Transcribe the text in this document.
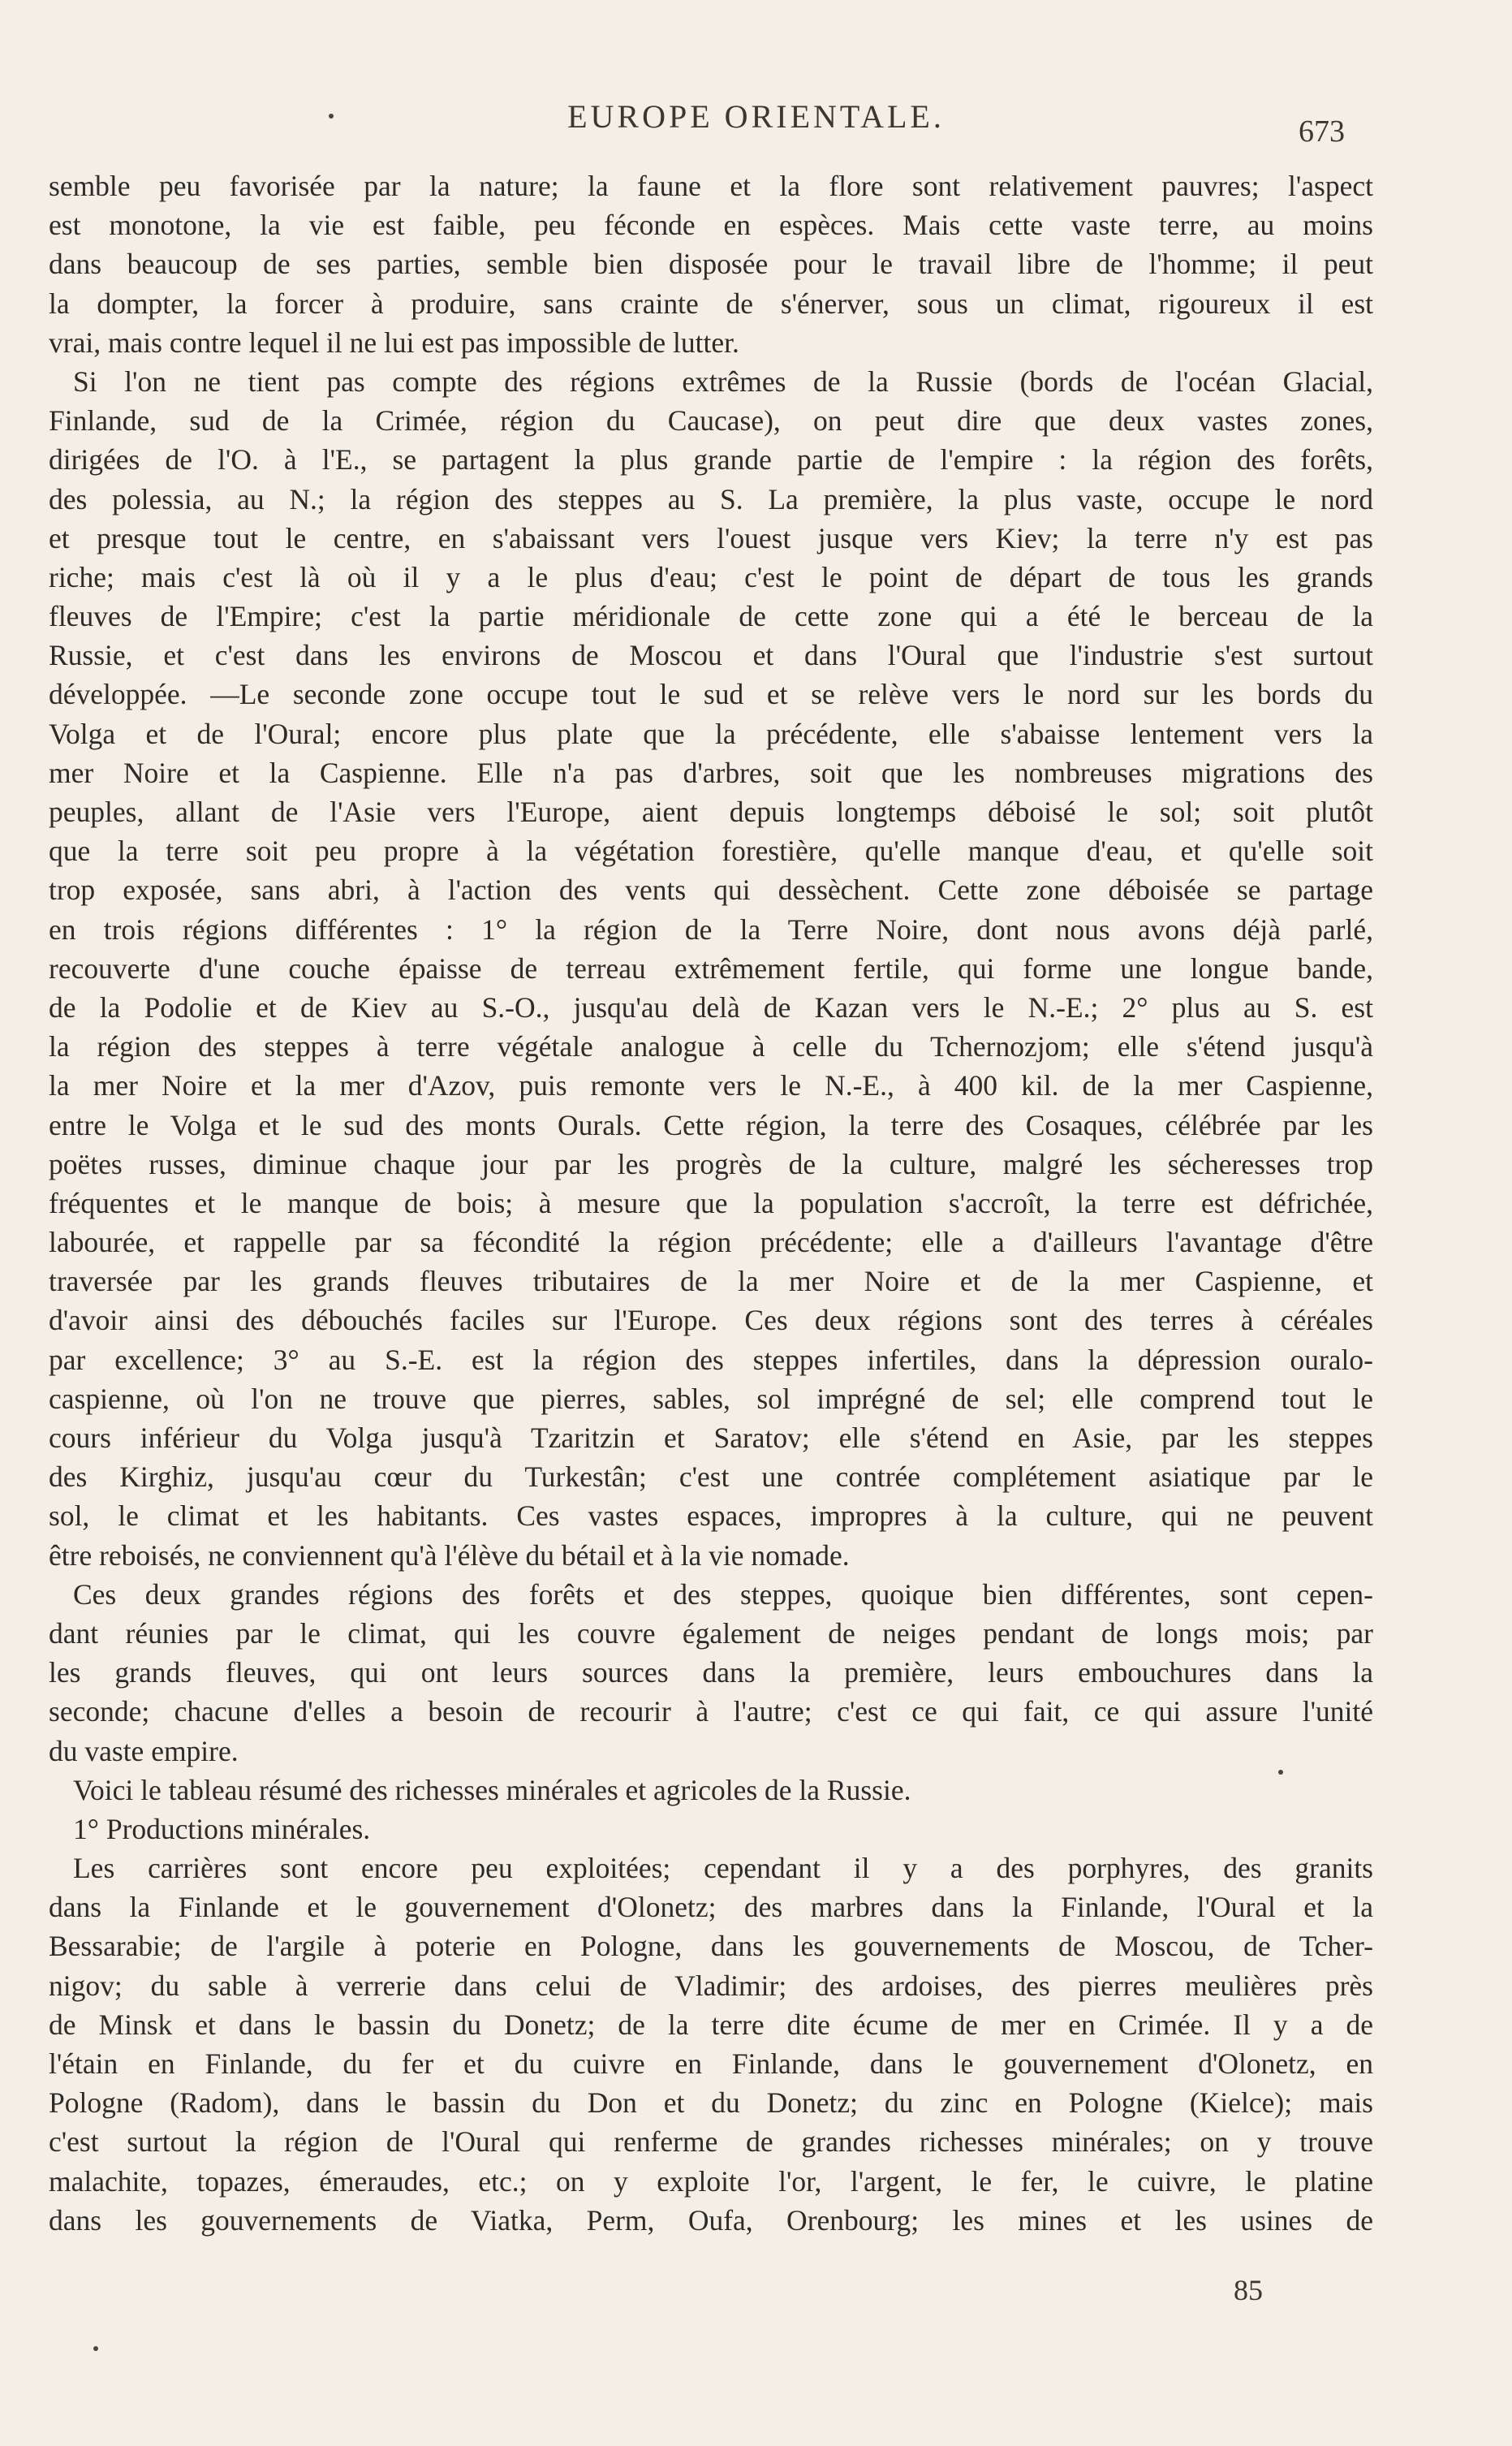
EUROPE ORIENTALE.	673
semble peu favorisée par la nature; la faune et la flore sont relativement pauvres; l'aspect
est monotone, la vie est faible, peu féconde en espèces. Mais cette vaste terre, au moins
dans beaucoup de ses parties, semble bien disposée pour le travail libre de l'homme; il peut
la dompter, la forcer à produire, sans crainte de s'énerver, sous un climat, rigoureux il est
vrai, mais contre lequel il ne lui est pas impossible de lutter.
Si l'on ne tient pas compte des régions extrêmes de la Russie (bords de l'océan Glacial,
Finlande, sud de la Crimée, région du Caucase), on peut dire que deux vastes zones,
dirigées de l'O. à l'E., se partagent la plus grande partie de l'empire : la région des forêts,
des polessia, au N.; la région des steppes au S. La première, la plus vaste, occupe le nord
et presque tout le centre, en s'abaissant vers l'ouest jusque vers Kiev; la terre n'y est pas
riche; mais c'est là où il y a le plus d'eau; c'est le point de départ de tous les grands
fleuves de l'Empire; c'est la partie méridionale de cette zone qui a été le berceau de la
Russie, et c'est dans les environs de Moscou et dans l'Oural que l'industrie s'est surtout
développée. —Le seconde zone occupe tout le sud et se relève vers le nord sur les bords du
Volga et de l'Oural; encore plus plate que la précédente, elle s'abaisse lentement vers la
mer Noire et la Caspienne. Elle n'a pas d'arbres, soit que les nombreuses migrations des
peuples, allant de l'Asie vers l'Europe, aient depuis longtemps déboisé le sol; soit plutôt
que la terre soit peu propre à la végétation forestière, qu'elle manque d'eau, et qu'elle soit
trop exposée, sans abri, à l'action des vents qui dessèchent. Cette zone déboisée se partage
en trois régions différentes : 1° la région de la Terre Noire, dont nous avons déjà parlé,
recouverte d'une couche épaisse de terreau extrêmement fertile, qui forme une longue bande,
de la Podolie et de Kiev au S.-O., jusqu'au delà de Kazan vers le N.-E.; 2° plus au S. est
la région des steppes à terre végétale analogue à celle du Tchernozjom; elle s'étend jusqu'à
la mer Noire et la mer d'Azov, puis remonte vers le N.-E., à 400 kil. de la mer Caspienne,
entre le Volga et le sud des monts Ourals. Cette région, la terre des Cosaques, célébrée par les
poëtes russes, diminue chaque jour par les progrès de la culture, malgré les sécheresses trop
fréquentes et le manque de bois; à mesure que la population s'accroît, la terre est défrichée,
labourée, et rappelle par sa fécondité la région précédente; elle a d'ailleurs l'avantage d'être
traversée par les grands fleuves tributaires de la mer Noire et de la mer Caspienne, et
d'avoir ainsi des débouchés faciles sur l'Europe. Ces deux régions sont des terres à céréales
par excellence; 3° au S.-E. est la région des steppes infertiles, dans la dépression ouralo-
caspienne, où l'on ne trouve que pierres, sables, sol imprégné de sel; elle comprend tout le
cours inférieur du Volga jusqu'à Tzaritzin et Saratov; elle s'étend en Asie, par les steppes
des Kirghiz, jusqu'au cœur du Turkestân; c'est une contrée complétement asiatique par le
sol, le climat et les habitants. Ces vastes espaces, impropres à la culture, qui ne peuvent
être reboisés, ne conviennent qu'à l'élève du bétail et à la vie nomade.
Ces deux grandes régions des forêts et des steppes, quoique bien différentes, sont cepen-
dant réunies par le climat, qui les couvre également de neiges pendant de longs mois; par
les grands fleuves, qui ont leurs sources dans la première, leurs embouchures dans la
seconde; chacune d'elles a besoin de recourir à l'autre; c'est ce qui fait, ce qui assure l'unité
du vaste empire.
Voici le tableau résumé des richesses minérales et agricoles de la Russie.
1° Productions minérales.
Les carrières sont encore peu exploitées; cependant il y a des porphyres, des granits
dans la Finlande et le gouvernement d'Olonetz; des marbres dans la Finlande, l'Oural et la
Bessarabie; de l'argile à poterie en Pologne, dans les gouvernements de Moscou, de Tcher-
nigov; du sable à verrerie dans celui de Vladimir; des ardoises, des pierres meulières près
de Minsk et dans le bassin du Donetz; de la terre dite écume de mer en Crimée. Il y a de
l'étain en Finlande, du fer et du cuivre en Finlande, dans le gouvernement d'Olonetz, en
Pologne (Radom), dans le bassin du Don et du Donetz; du zinc en Pologne (Kielce); mais
c'est surtout la région de l'Oural qui renferme de grandes richesses minérales; on y trouve
malachite, topazes, émeraudes, etc.; on y exploite l'or, l'argent, le fer, le cuivre, le platine
dans les gouvernements de Viatka, Perm, Oufa, Orenbourg; les mines et les usines de
85
